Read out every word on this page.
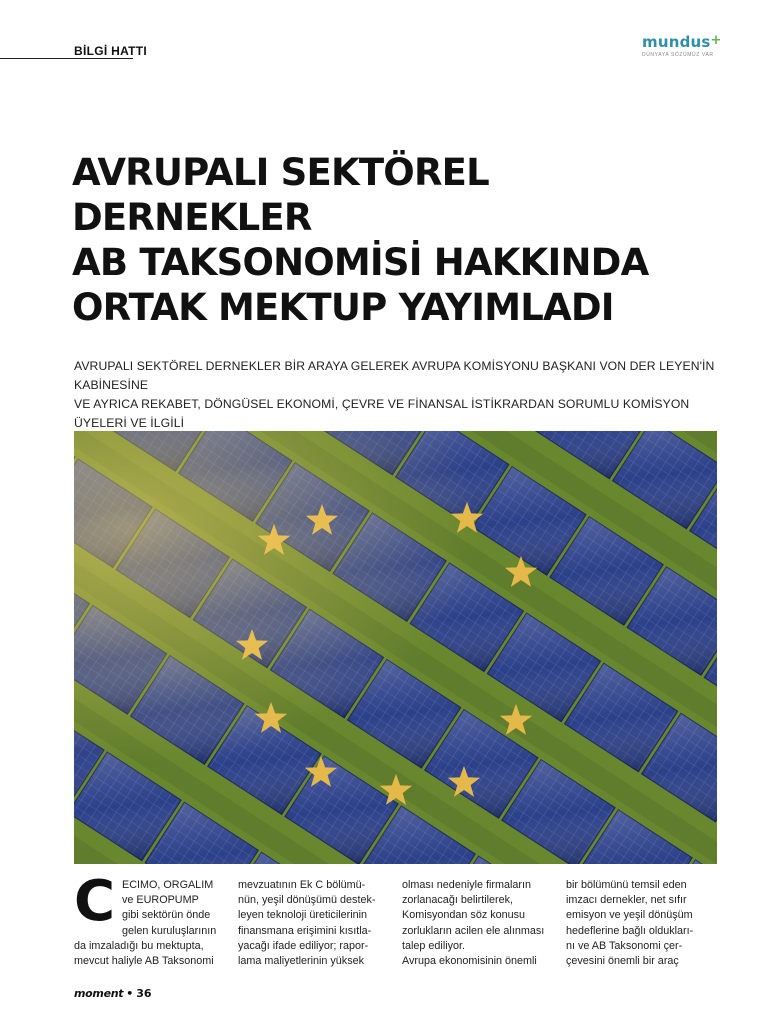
BİLGİ HATTI	mundus+
DÜNYAYA SÖZÜMÜZ VAR
AVRUPALI SEKTÖREL
DERNEKLER
AB TAKSONOMİSİ HAKKINDA
ORTAK MEKTUP YAYIMLADI

AVRUPALI SEKTÖREL DERNEKLER BİR ARAYA GELEREK AVRUPA KOMİSYONU BAŞKANI VON DER LEYEN'İN KABİNESİNE
VE AYRICA REKABET, DÖNGÜSEL EKONOMİ, ÇEVRE VE FİNANSAL İSTİKRARDAN SORUMLU KOMİSYON ÜYELERİ VE İLGİLİ

C ECIMO, ORGALIM
ve EUROPUMP
gibi sektörün önde
gelen kuruluşlarının
da imzaladığı bu mektupta,
mevcut haliyle AB Taksonomi
mevzuatının Ek C bölümü-
nün, yeşil dönüşümü destek-
leyen teknoloji üreticilerinin
finansmana erişimini kısıtla-
yacağı ifade ediliyor; rapor-
lama maliyetlerinin yüksek
olması nedeniyle firmaların
zorlanacağı belirtilerek,
Komisyondan söz konusu
zorlukların acilen ele alınması
talep ediliyor.
Avrupa ekonomisinin önemli
bir bölümünü temsil eden
imzacı dernekler, net sıfır
emisyon ve yeşil dönüşüm
hedeflerine bağlı oldukları-
nı ve AB Taksonomi çer-
çevesini önemli bir araç
moment • 36
